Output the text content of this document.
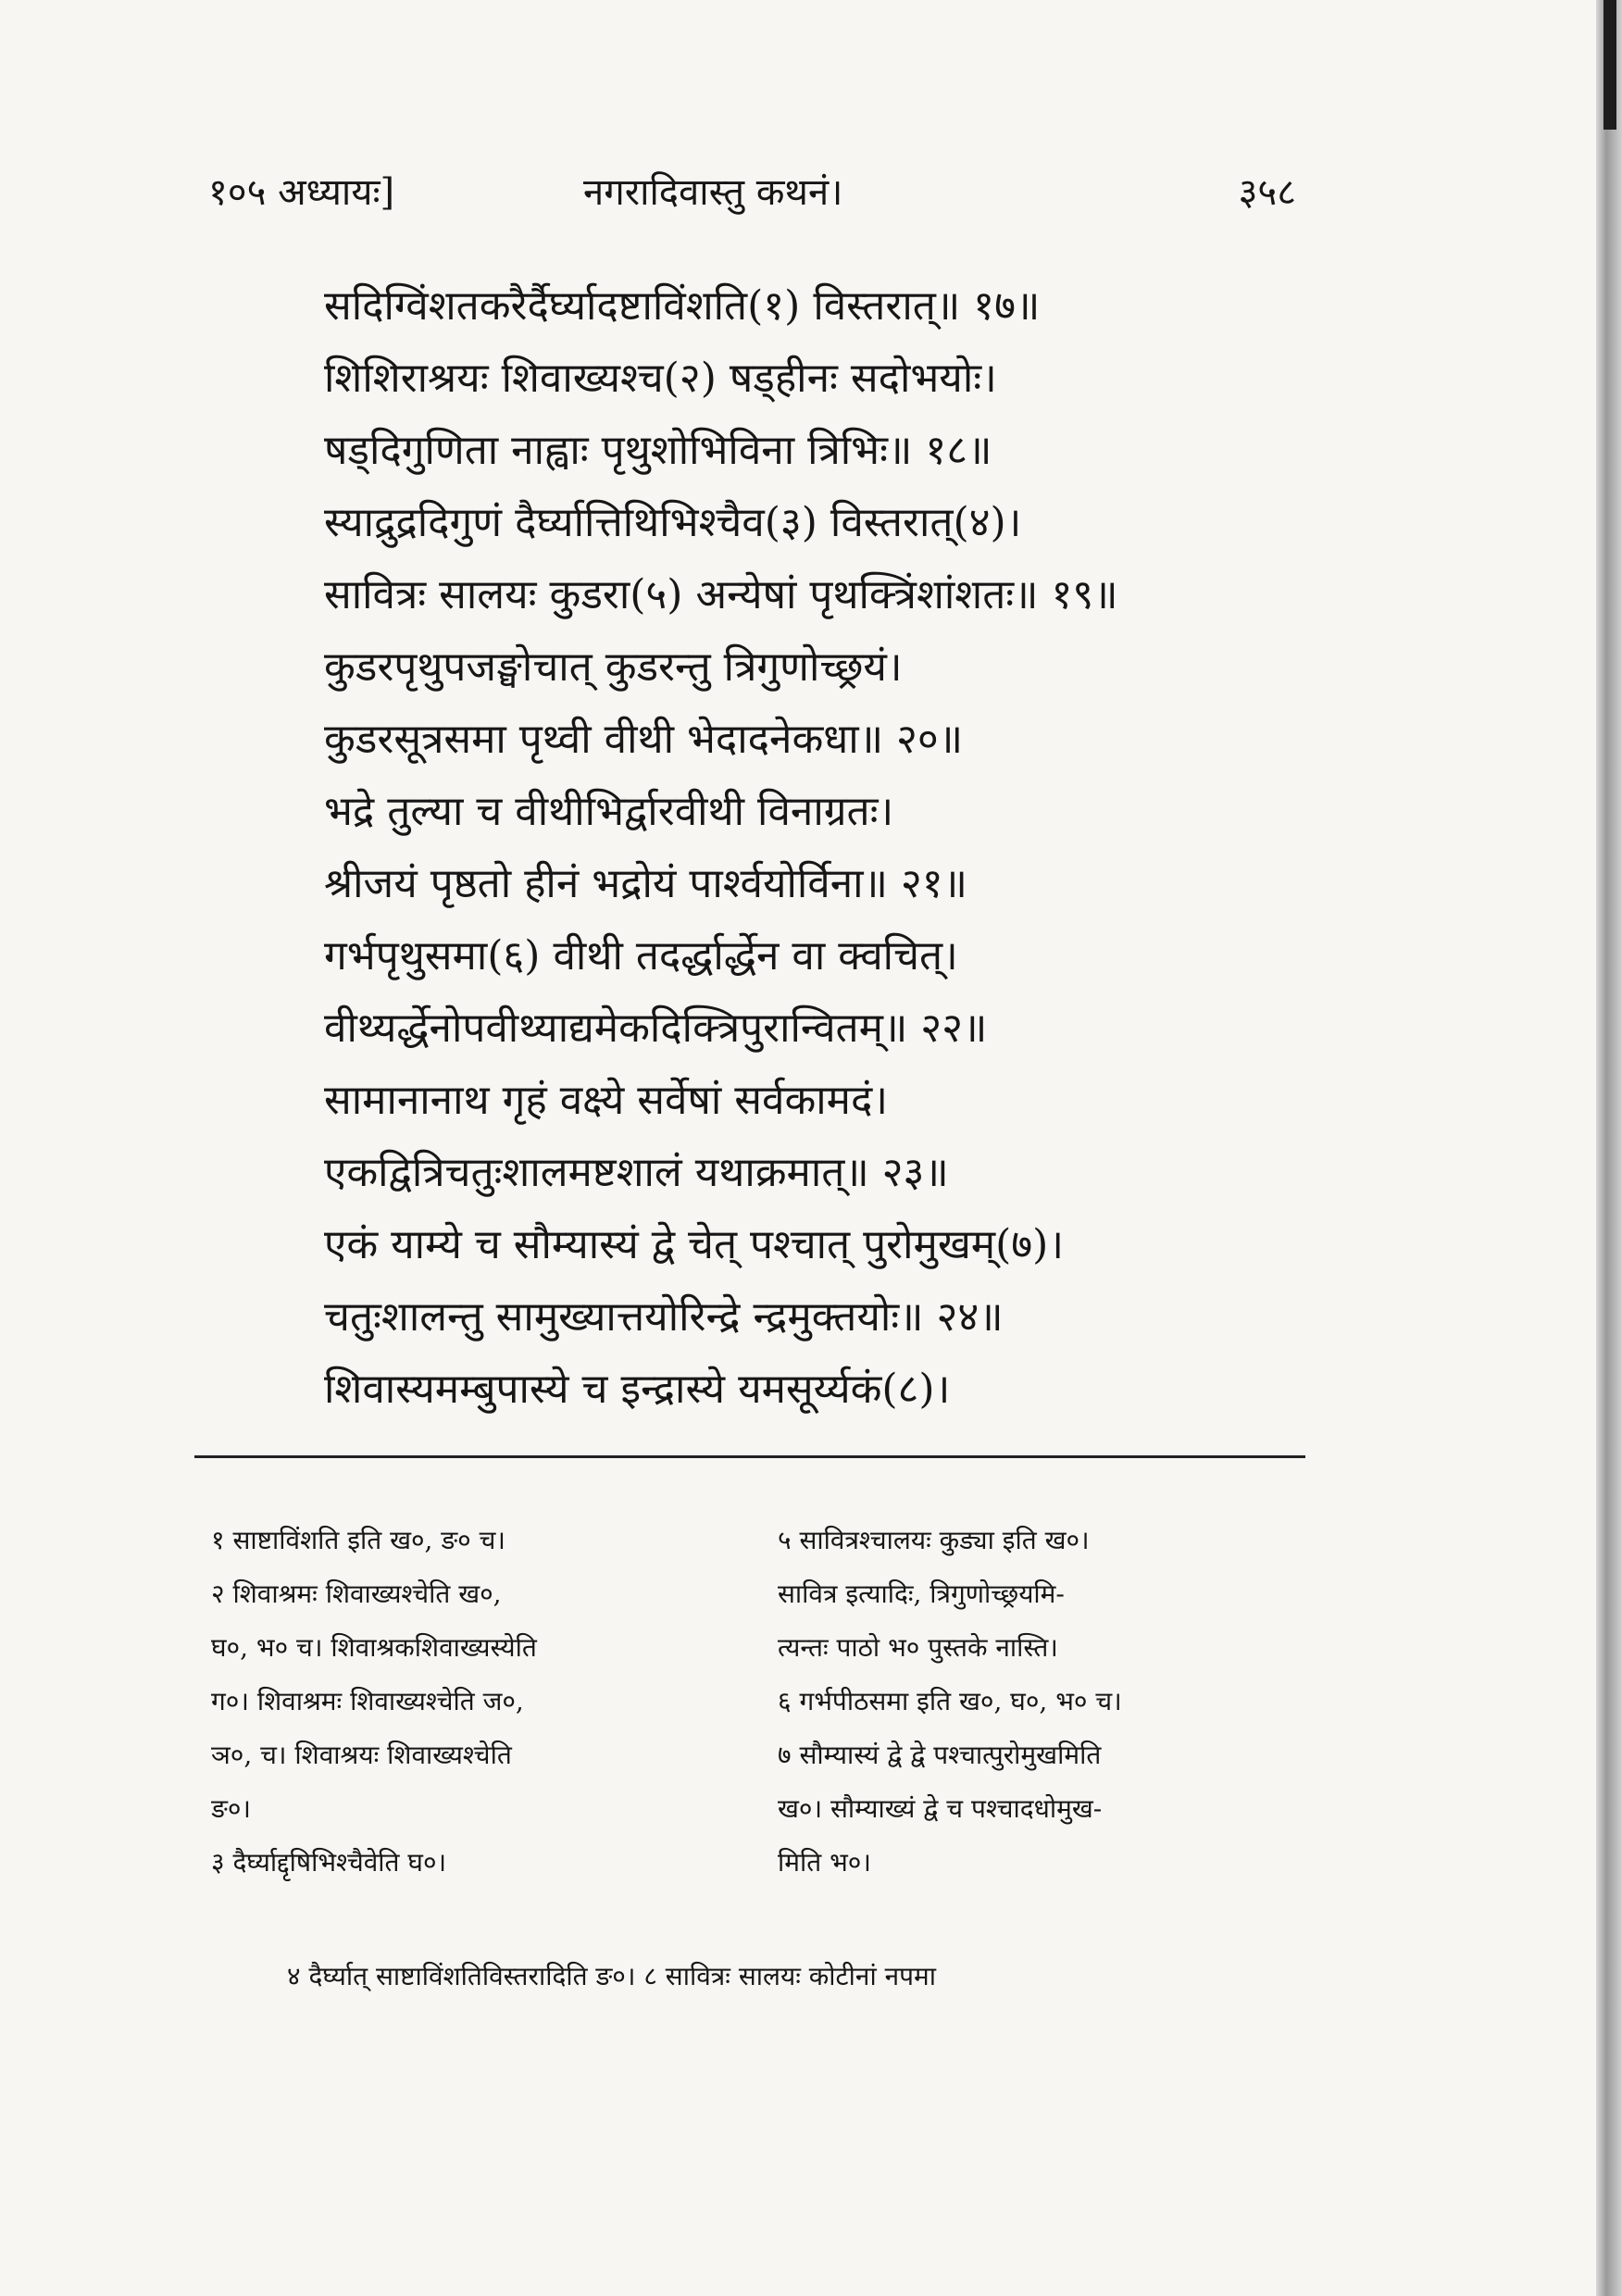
१०५ अध्यायः]	नगरादिवास्तु कथनं।	३५८
सदिग्विंशतकरैर्दैर्घ्यादष्टाविंशति(१) विस्तरात्॥ १७॥
शिशिराश्रयः शिवाख्यश्च(२) षड्हीनः सदोभयोः।
षड्दिगुणिता नाह्वाः पृथुशोभिविना त्रिभिः॥ १८॥
स्याद्रुद्रदिगुणं दैर्घ्यात्तिथिभिश्चैव(३) विस्तरात्(४)।
सावित्रः सालयः कुडरा(५) अन्येषां पृथक्त्रिंशांशतः॥ १९॥
कुडरपृथुपजङ्घोचात् कुडरन्तु त्रिगुणोच्छ्रयं।
कुडरसूत्रसमा पृथ्वी वीथी भेदादनेकधा॥ २०॥
भद्रे तुल्या च वीथीभिर्द्वारवीथी विनाग्रतः।
श्रीजयं पृष्ठतो हीनं भद्रोयं पार्श्वयोर्विना॥ २१॥
गर्भपृथुसमा(६) वीथी तदर्द्धार्द्धेन वा क्वचित्।
वीथ्यर्द्धेनोपवीथ्याद्यमेकदिक्त्रिपुरान्वितम्॥ २२॥
सामानानाथ गृहं वक्ष्ये सर्वेषां सर्वकामदं।
एकद्वित्रिचतुःशालमष्टशालं यथाक्रमात्॥ २३॥
एकं याम्ये च सौम्यास्यं द्वे चेत् पश्चात् पुरोमुखम्(७)।
चतुःशालन्तु सामुख्यात्तयोरिन्द्रे न्द्रमुक्तयोः॥ २४॥
शिवास्यमम्बुपास्ये च इन्द्रास्ये यमसूर्य्यकं(८)।
१ साष्टाविंशति इति ख०, ङ० च।
२ शिवाश्रमः शिवाख्यश्चेति ख०,
घ०, भ० च। शिवाश्रकशिवाख्यस्येति
ग०। शिवाश्रमः शिवाख्यश्चेति ज०,
ञ०, च। शिवाश्रयः शिवाख्यश्चेति
ङ०।
३ दैर्घ्याद्दृषिभिश्चैवेति घ०।
५ सावित्रश्चालयः कुड्या इति ख०।
सावित्र इत्यादिः, त्रिगुणोच्छ्रयमि-
त्यन्तः पाठो भ० पुस्तके नास्ति।
६ गर्भपीठसमा इति ख०, घ०, भ० च।
७ सौम्यास्यं द्वे द्वे पश्चात्पुरोमुखमिति
ख०। सौम्याख्यं द्वे च पश्चादधोमुख-
मिति भ०।
४ दैर्घ्यात् साष्टाविंशतिविस्तरादिति ङ०। ८ सावित्रः सालयः कोटीनां नपमा
